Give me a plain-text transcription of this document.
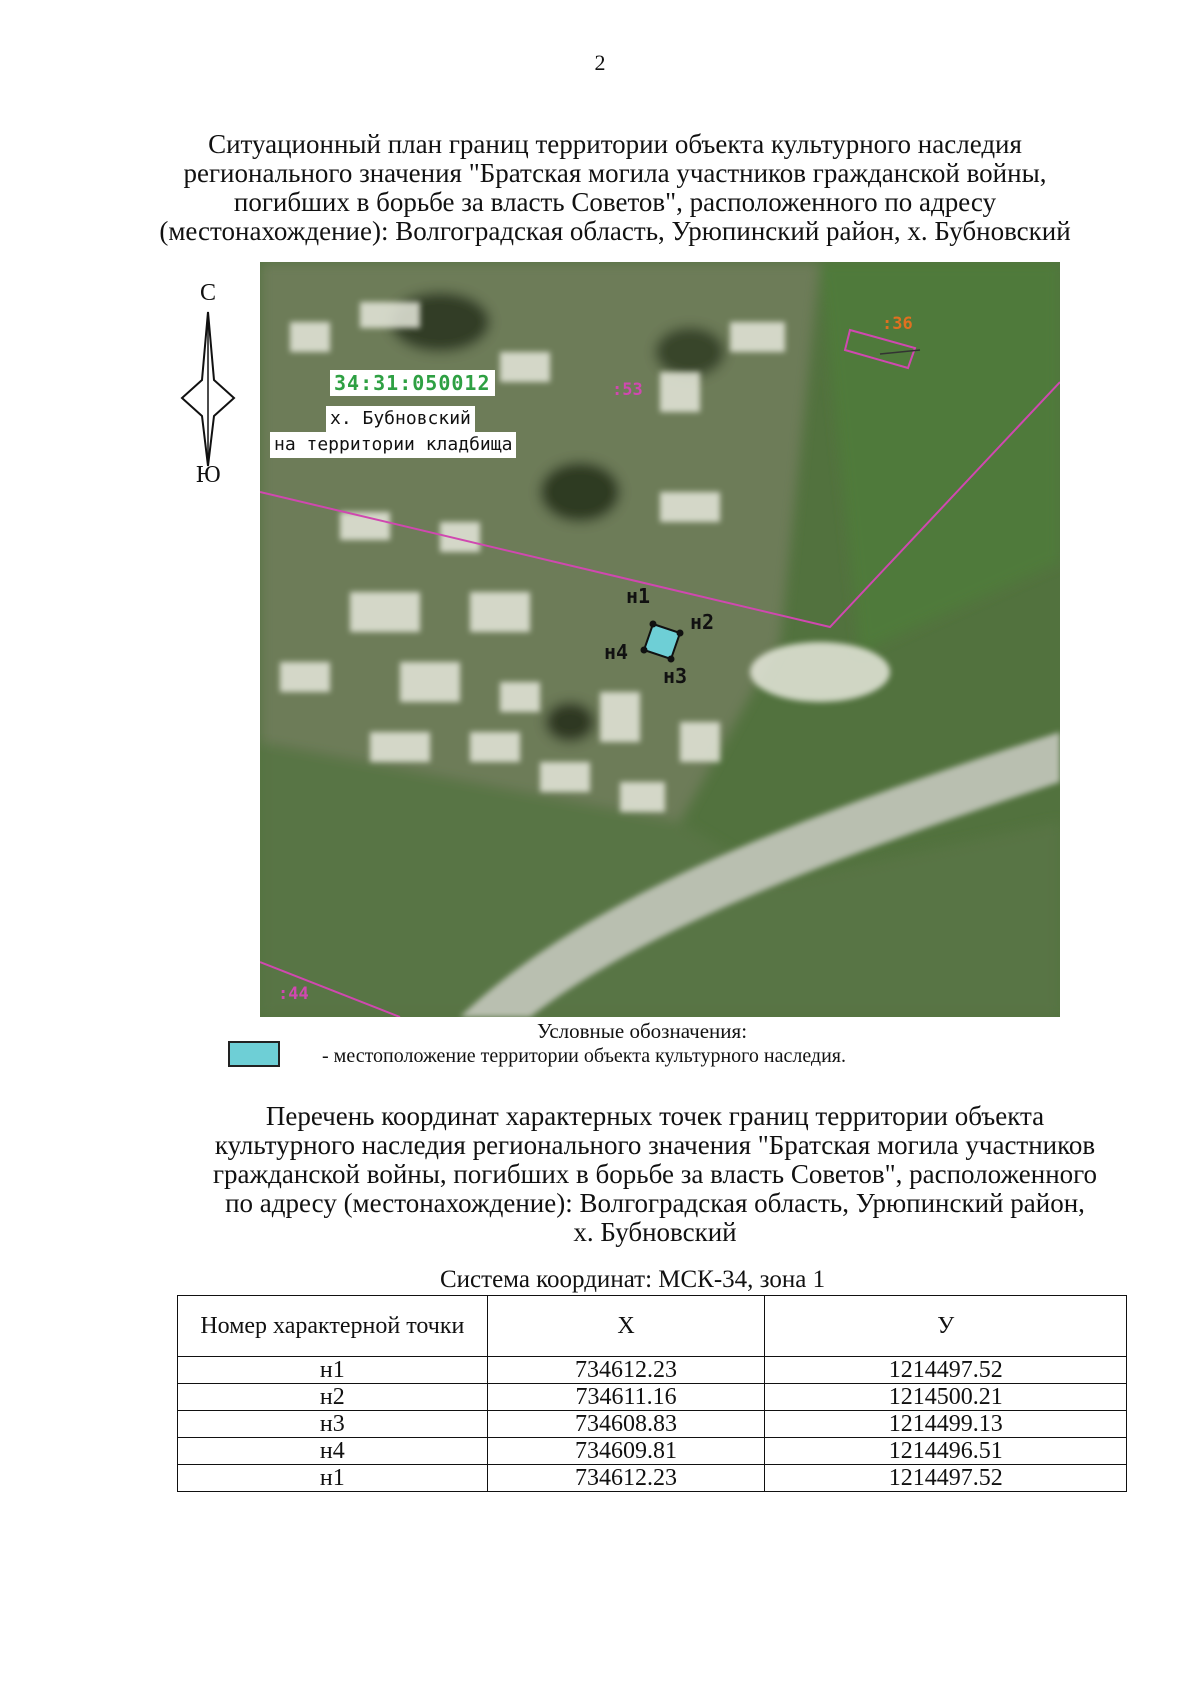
2
Ситуационный план границ территории объекта культурного наследия
регионального значения "Братская могила участников гражданской войны,
погибших в борьбе за власть Советов", расположенного по адресу
(местонахождение): Волгоградская область, Урюпинский район, х. Бубновский
С
Ю
34:31:050012
х. Бубновский
на территории кладбища
:53
:36
:44
н1
н2
н3
н4
Условные обозначения:
- местоположение территории объекта культурного наследия.
Перечень координат характерных точек границ территории объекта
культурного наследия регионального значения "Братская могила участников
гражданской войны, погибших в борьбе за власть Советов", расположенного
по адресу (местонахождение): Волгоградская область, Урюпинский район,
х. Бубновский
Система координат: МСК-34, зона 1
Номер характерной точки	X	У
н1	734612.23	1214497.52
н2	734611.16	1214500.21
н3	734608.83	1214499.13
н4	734609.81	1214496.51
н1	734612.23	1214497.52
